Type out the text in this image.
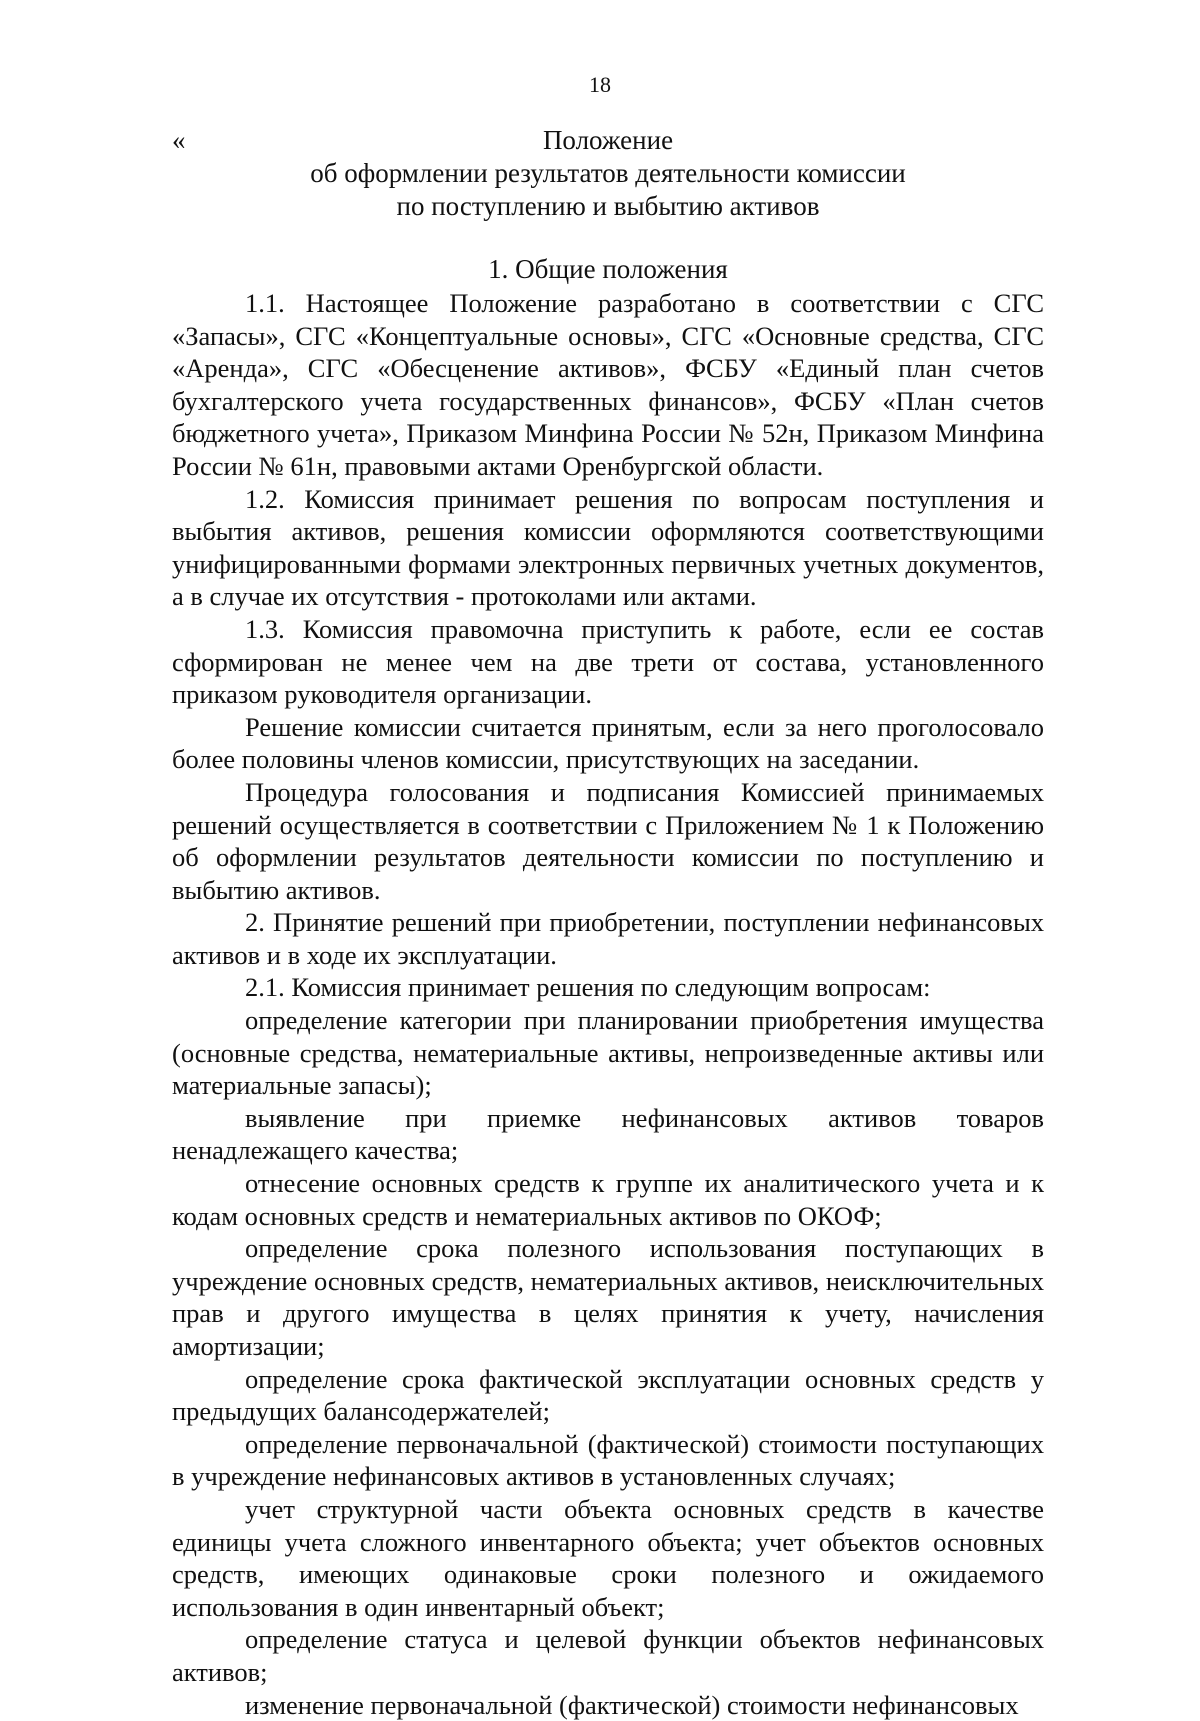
18
«	Положение
об оформлении результатов деятельности комиссии
по поступлению и выбытию активов
1. Общие положения

1.1. Настоящее Положение разработано в соответствии с СГС «Запасы», СГС «Концептуальные основы», СГС «Основные средства, СГС «Аренда», СГС «Обесценение активов», ФСБУ «Единый план счетов бухгалтерского учета государственных финансов», ФСБУ «План счетов бюджетного учета», Приказом Минфина России № 52н, Приказом Минфина России № 61н, правовыми актами Оренбургской области.

1.2. Комиссия принимает решения по вопросам поступления и выбытия активов, решения комиссии оформляются соответствующими унифицированными формами электронных первичных учетных документов, а в случае их отсутствия - протоколами или актами.

1.3. Комиссия правомочна приступить к работе, если ее состав сформирован не менее чем на две трети от состава, установленного приказом руководителя организации.

Решение комиссии считается принятым, если за него проголосовало более половины членов комиссии, присутствующих на заседании.

Процедура голосования и подписания Комиссией принимаемых решений осуществляется в соответствии с Приложением № 1 к Положению об оформлении результатов деятельности комиссии по поступлению и выбытию активов.

2. Принятие решений при приобретении, поступлении нефинансовых активов и в ходе их эксплуатации.

2.1. Комиссия принимает решения по следующим вопросам:

определение категории при планировании приобретения имущества (основные средства, нематериальные активы, непроизведенные активы или материальные запасы);

выявление при приемке нефинансовых активов товаров ненадлежащего качества;

отнесение основных средств к группе их аналитического учета и к кодам основных средств и нематериальных активов по ОКОФ;

определение срока полезного использования поступающих в учреждение основных средств, нематериальных активов, неисключительных прав и другого имущества в целях принятия к учету, начисления амортизации;

определение срока фактической эксплуатации основных средств у предыдущих балансодержателей;

определение первоначальной (фактической) стоимости поступающих в учреждение нефинансовых активов в установленных случаях;

учет структурной части объекта основных средств в качестве единицы учета сложного инвентарного объекта; учет объектов основных средств, имеющих одинаковые сроки полезного и ожидаемого использования в один инвентарный объект;

определение статуса и целевой функции объектов нефинансовых активов;

изменение первоначальной (фактической) стоимости нефинансовых
